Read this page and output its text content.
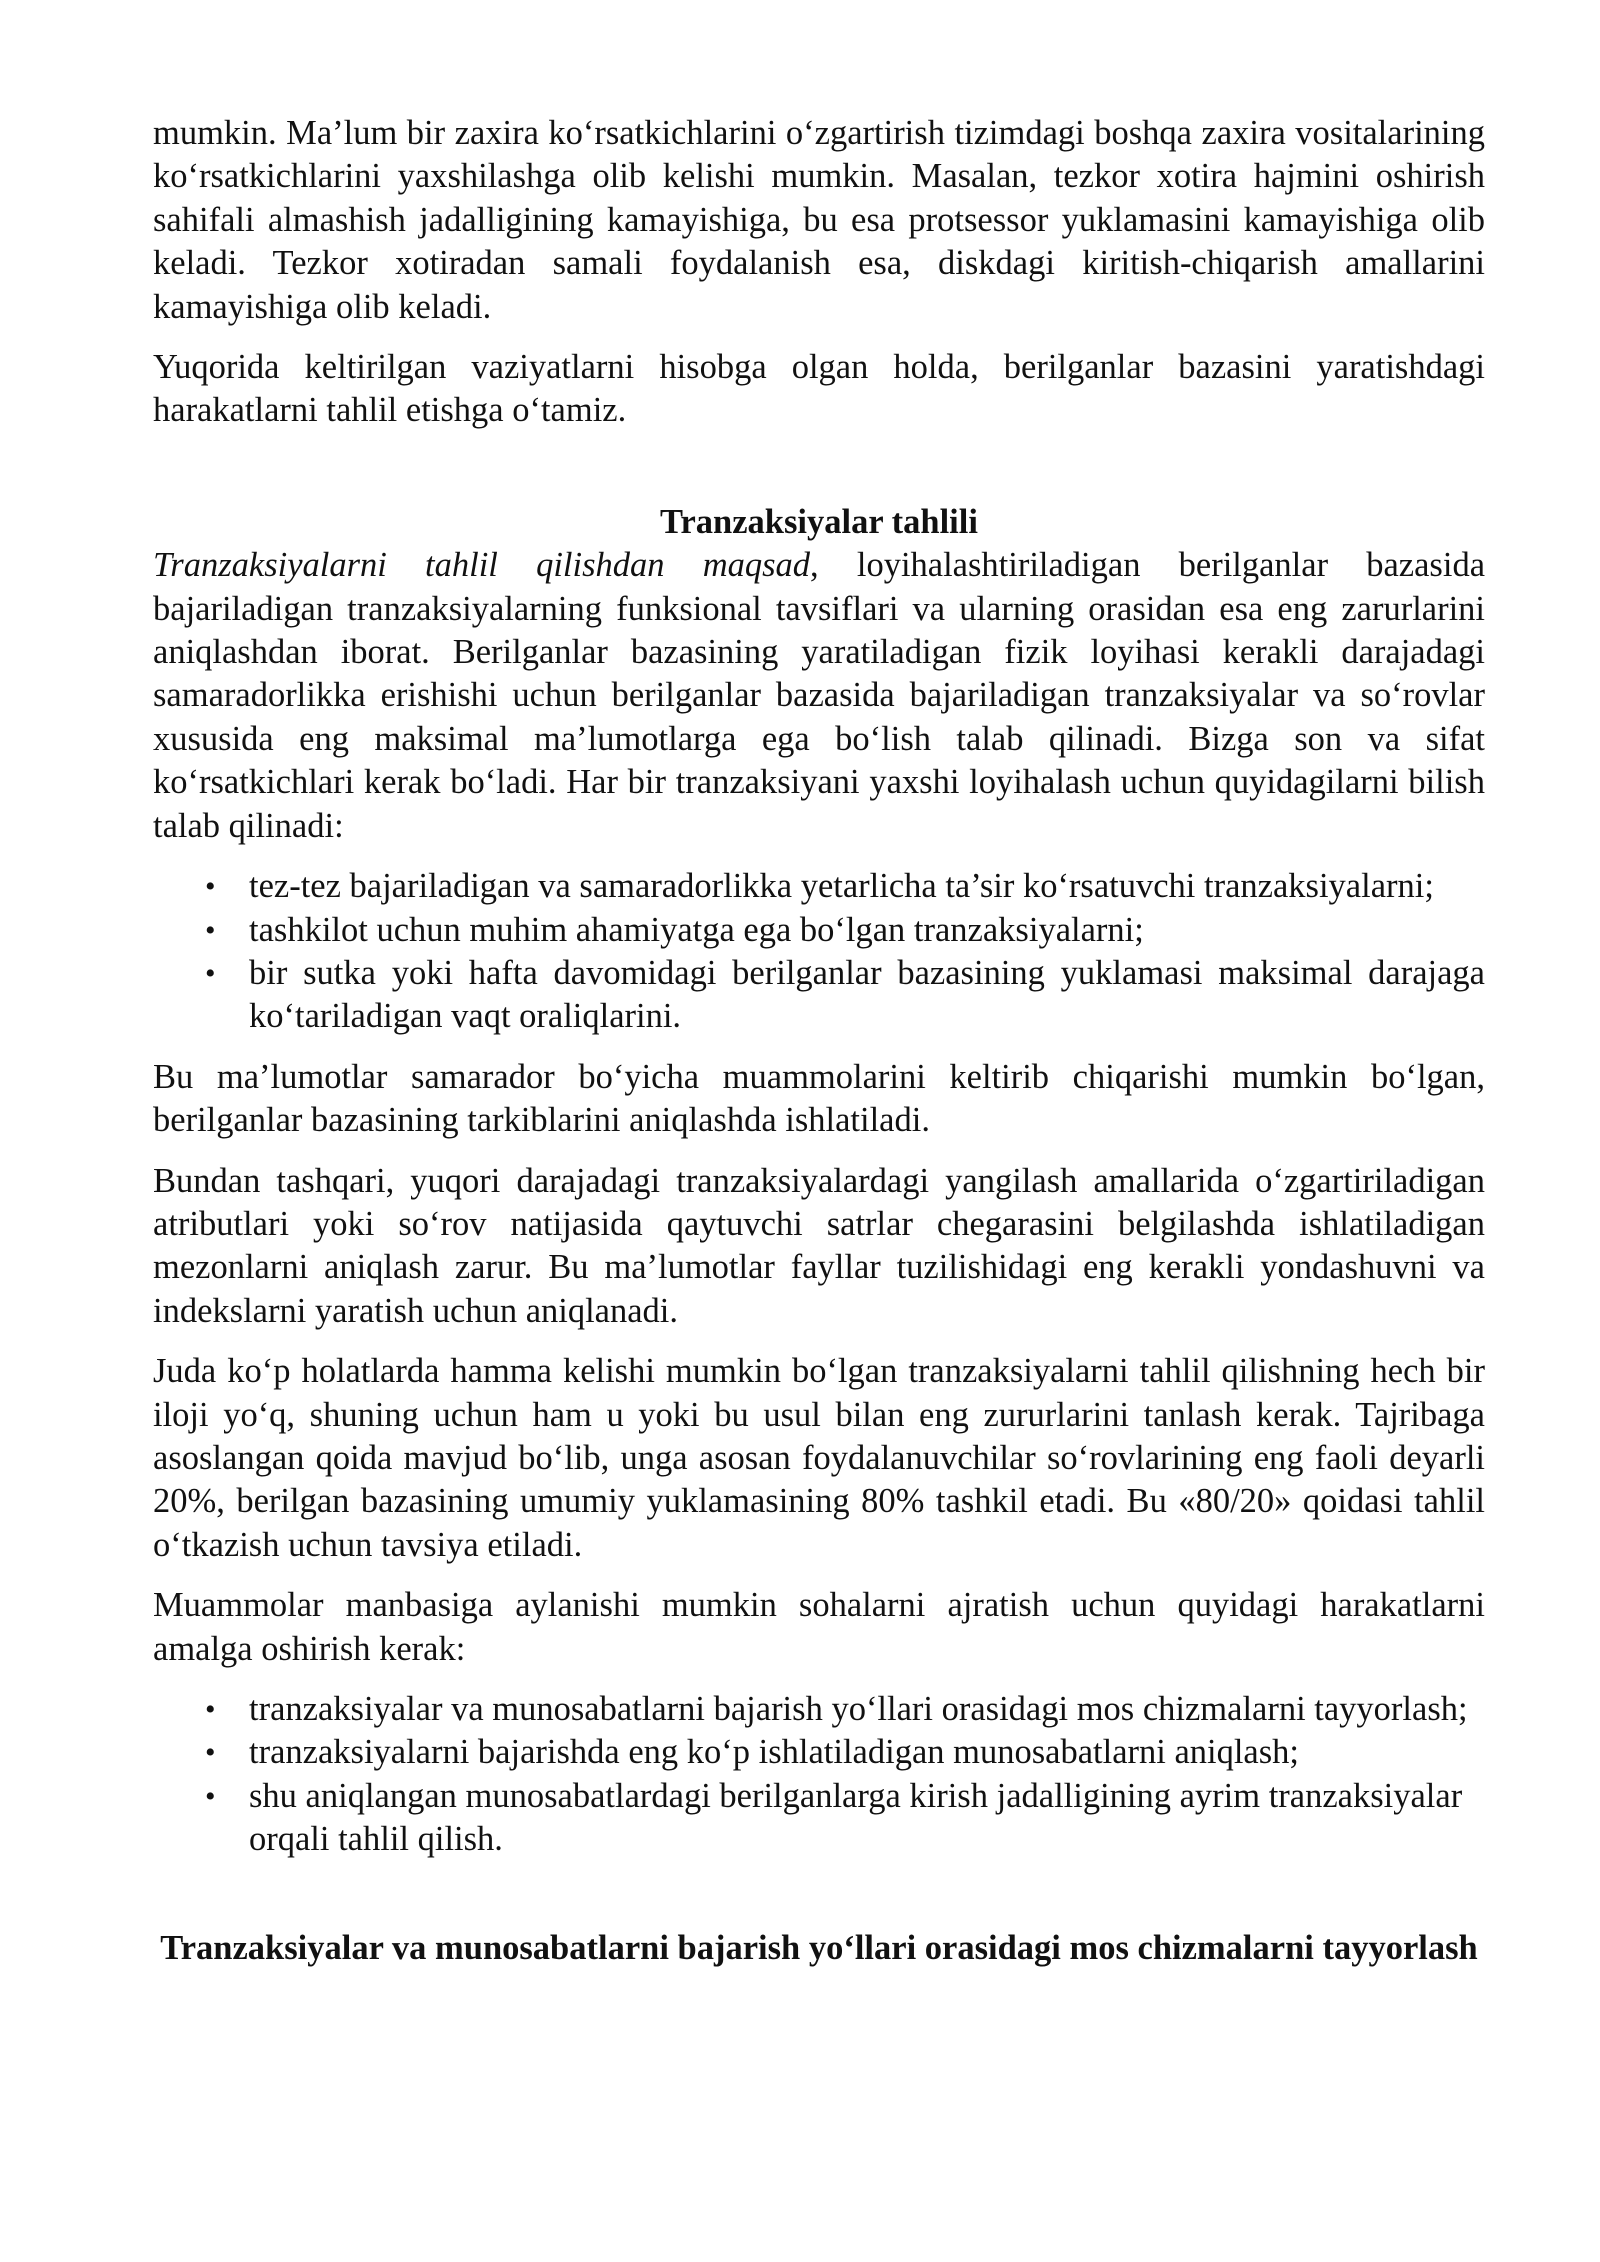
mumkin. Ma’lum bir zaxira ko‘rsatkichlarini o‘zgartirish tizimdagi boshqa zaxira vositalarining ko‘rsatkichlarini yaxshilashga olib kelishi mumkin. Masalan, tezkor xotira hajmini oshirish sahifali almashish jadalligining kamayishiga, bu esa protsessor yuklamasini kamayishiga olib keladi. Tezkor xotiradan samali foydalanish esa, diskdagi kiritish-chiqarish amallarini kamayishiga olib keladi.

Yuqorida keltirilgan vaziyatlarni hisobga olgan holda, berilganlar bazasini yaratishdagi harakatlarni tahlil etishga o‘tamiz.

Tranzaksiyalar tahlili

Tranzaksiyalarni tahlil qilishdan maqsad, loyihalashtiriladigan berilganlar bazasida bajariladigan tranzaksiyalarning funksional tavsiflari va ularning orasidan esa eng zarurlarini aniqlashdan iborat. Berilganlar bazasining yaratiladigan fizik loyihasi kerakli darajadagi samaradorlikka erishishi uchun berilganlar bazasida bajariladigan tranzaksiyalar va so‘rovlar xususida eng maksimal ma’lumotlarga ega bo‘lish talab qilinadi. Bizga son va sifat ko‘rsatkichlari kerak bo‘ladi. Har bir tranzaksiyani yaxshi loyihalash uchun quyidagilarni bilish talab qilinadi:

• tez-tez bajariladigan va samaradorlikka yetarlicha ta’sir ko‘rsatuvchi tranzaksiyalarni;
• tashkilot uchun muhim ahamiyatga ega bo‘lgan tranzaksiyalarni;
• bir sutka yoki hafta davomidagi berilganlar bazasining yuklamasi maksimal darajaga ko‘tariladigan vaqt oraliqlarini.

Bu ma’lumotlar samarador bo‘yicha muammolarini keltirib chiqarishi mumkin bo‘lgan, berilganlar bazasining tarkiblarini aniqlashda ishlatiladi.

Bundan tashqari, yuqori darajadagi tranzaksiyalardagi yangilash amallarida o‘zgartiriladigan atributlari yoki so‘rov natijasida qaytuvchi satrlar chegarasini belgilashda ishlatiladigan mezonlarni aniqlash zarur. Bu ma’lumotlar fayllar tuzilishidagi eng kerakli yondashuvni va indekslarni yaratish uchun aniqlanadi.

Juda ko‘p holatlarda hamma kelishi mumkin bo‘lgan tranzaksiyalarni tahlil qilishning hech bir iloji yo‘q, shuning uchun ham u yoki bu usul bilan eng zururlarini tanlash kerak. Tajribaga asoslangan qoida mavjud bo‘lib, unga asosan foydalanuvchilar so‘rovlarining eng faoli deyarli 20%, berilgan bazasining umumiy yuklamasining 80% tashkil etadi. Bu «80/20» qoidasi tahlil o‘tkazish uchun tavsiya etiladi.

Muammolar manbasiga aylanishi mumkin sohalarni ajratish uchun quyidagi harakatlarni amalga oshirish kerak:

• tranzaksiyalar va munosabatlarni bajarish yo‘llari orasidagi mos chizmalarni tayyorlash;
• tranzaksiyalarni bajarishda eng ko‘p ishlatiladigan munosabatlarni aniqlash;
• shu aniqlangan munosabatlardagi berilganlarga kirish jadalligining ayrim tranzaksiyalar orqali tahlil qilish.
Tranzaksiyalar va munosabatlarni bajarish yo‘llari orasidagi mos chizmalarni tayyorlash
